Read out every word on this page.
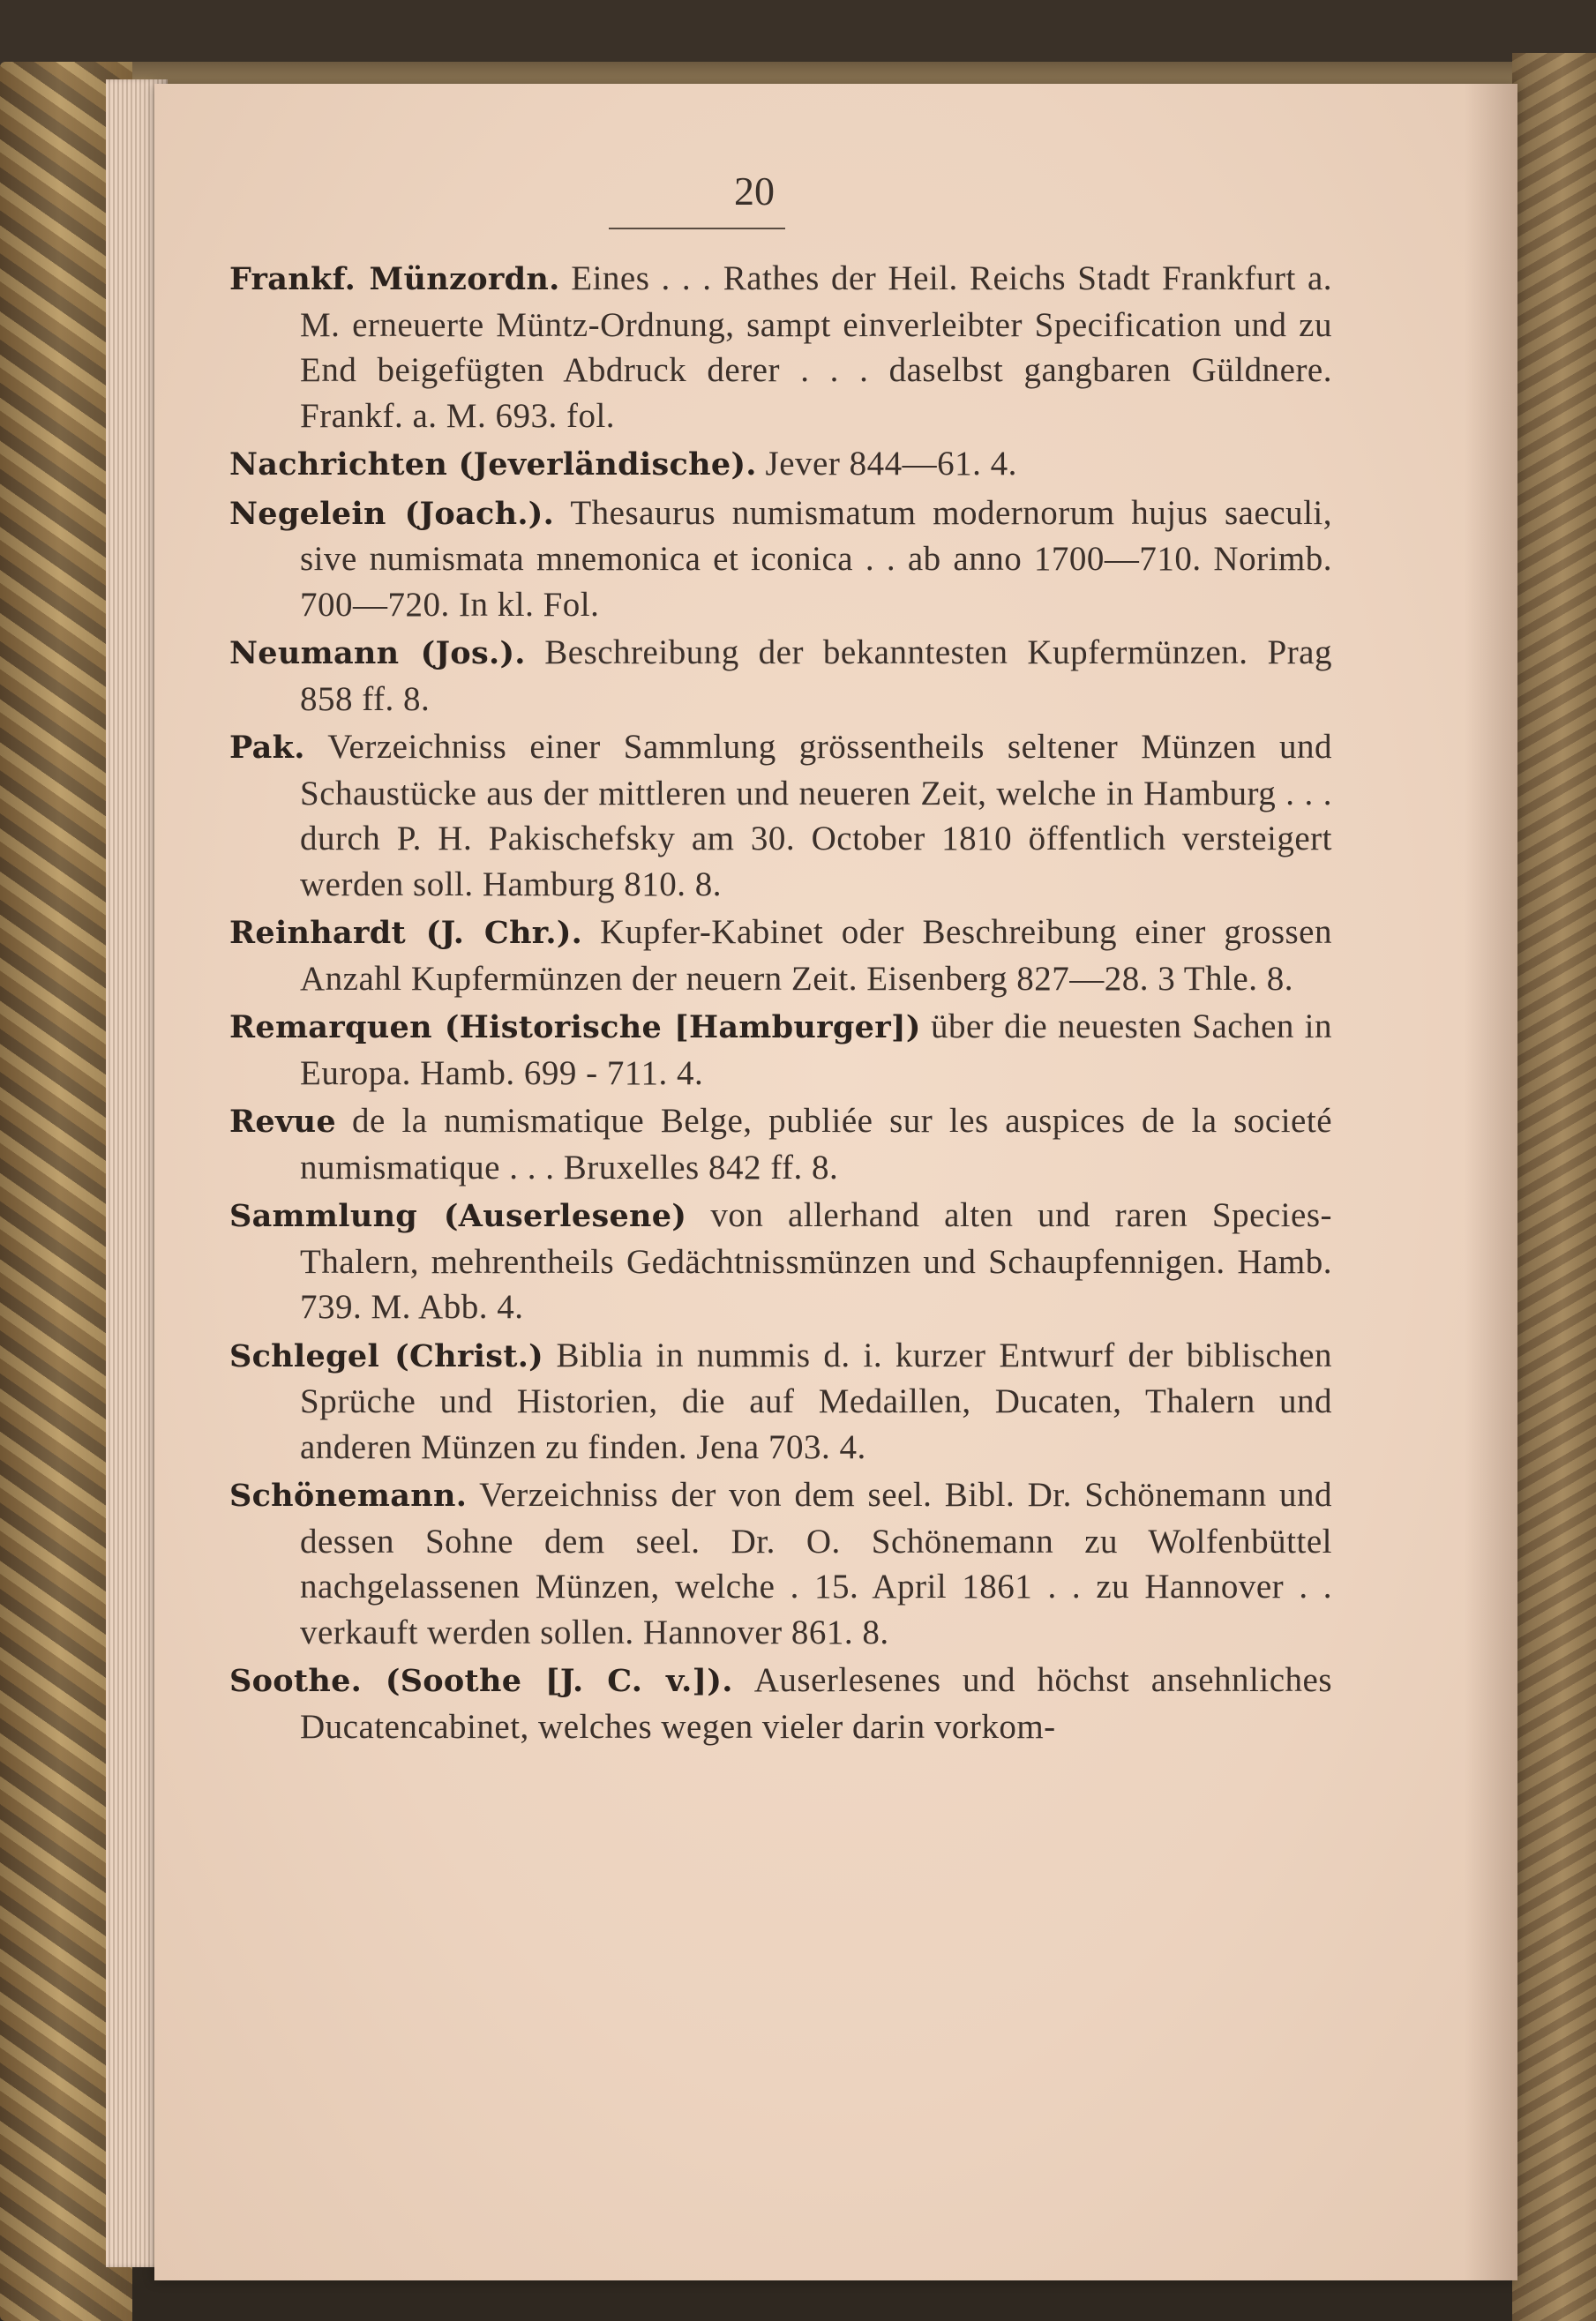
20

Frankf. Münzordn. Eines . . . Rathes der Heil. Reichs Stadt Frankfurt a. M. erneuerte Müntz-Ordnung, sampt einverleibter Specification und zu End beigefügten Abdruck derer . . . daselbst gangbaren Güldnere. Frankf. a. M. 693. fol.

Nachrichten (Jeverländische). Jever 844—61. 4.

Negelein (Joach.). Thesaurus numismatum modernorum hujus saeculi, sive numismata mnemonica et iconica . . ab anno 1700—710. Norimb. 700—720. In kl. Fol.

Neumann (Jos.). Beschreibung der bekanntesten Kupfermünzen. Prag 858 ff. 8.

Pak. Verzeichniss einer Sammlung grössentheils seltener Münzen und Schaustücke aus der mittleren und neueren Zeit, welche in Hamburg . . . durch P. H. Pakischefsky am 30. October 1810 öffentlich versteigert werden soll. Hamburg 810. 8.

Reinhardt (J. Chr.). Kupfer-Kabinet oder Beschreibung einer grossen Anzahl Kupfermünzen der neuern Zeit. Eisenberg 827—28. 3 Thle. 8.

Remarquen (Historische [Hamburger]) über die neuesten Sachen in Europa. Hamb. 699 - 711. 4.

Revue de la numismatique Belge, publiée sur les auspices de la societé numismatique . . . Bruxelles 842 ff. 8.

Sammlung (Auserlesene) von allerhand alten und raren Species-Thalern, mehrentheils Gedächtnissmünzen und Schaupfennigen. Hamb. 739. M. Abb. 4.

Schlegel (Christ.) Biblia in nummis d. i. kurzer Entwurf der biblischen Sprüche und Historien, die auf Medaillen, Ducaten, Thalern und anderen Münzen zu finden. Jena 703. 4.

Schönemann. Verzeichniss der von dem seel. Bibl. Dr. Schönemann und dessen Sohne dem seel. Dr. O. Schönemann zu Wolfenbüttel nachgelassenen Münzen, welche . 15. April 1861 . . zu Hannover . . verkauft werden sollen. Hannover 861. 8.

Soothe. (Soothe [J. C. v.]). Auserlesenes und höchst ansehnliches Ducatencabinet, welches wegen vieler darin vorkom-
